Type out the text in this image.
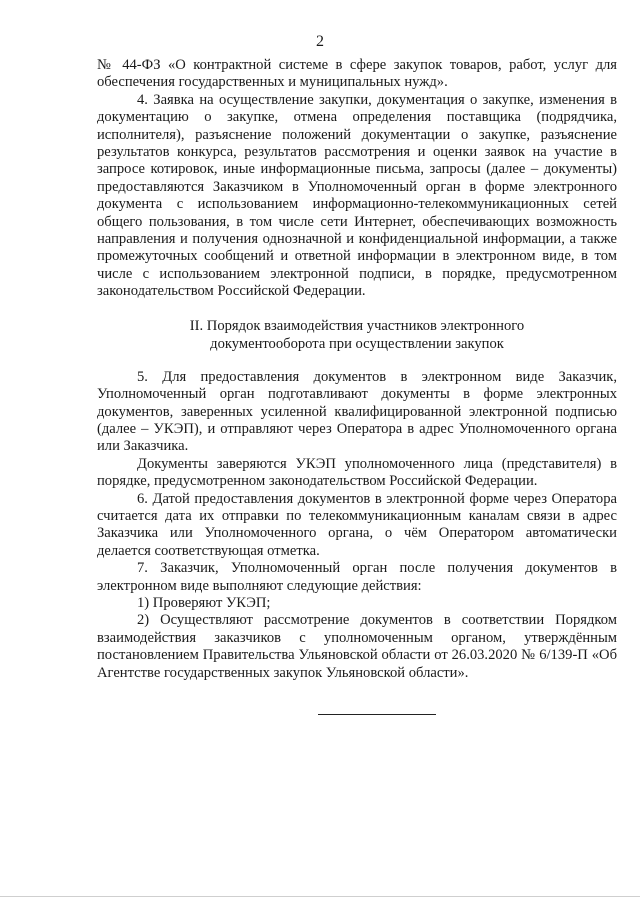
2

№ 44-ФЗ «О контрактной системе в сфере закупок товаров, работ, услуг для обеспечения государственных и муниципальных нужд».

4. Заявка на осуществление закупки, документация о закупке, изменения в документацию о закупке, отмена определения поставщика (подрядчика, исполнителя), разъяснение положений документации о закупке, разъяснение результатов конкурса, результатов рассмотрения и оценки заявок на участие в запросе котировок, иные информационные письма, запросы (далее – документы) предоставляются Заказчиком в Уполномоченный орган в форме электронного документа с использованием информационно-телекоммуникационных сетей общего пользования, в том числе сети Интернет, обеспечивающих возможность направления и получения однозначной и конфиденциальной информации, а также промежуточных сообщений и ответной информации в электронном виде, в том числе с использованием электронной подписи, в порядке, предусмотренном законодательством Российской Федерации.

II. Порядок взаимодействия участников электронного
документооборота при осуществлении закупок

5. Для предоставления документов в электронном виде Заказчик, Уполномоченный орган подготавливают документы в форме электронных документов, заверенных усиленной квалифицированной электронной подписью (далее – УКЭП), и отправляют через Оператора в адрес Уполномоченного органа или Заказчика.

Документы заверяются УКЭП уполномоченного лица (представителя) в порядке, предусмотренном законодательством Российской Федерации.

6. Датой предоставления документов в электронной форме через Оператора считается дата их отправки по телекоммуникационным каналам связи в адрес Заказчика или Уполномоченного органа, о чём Оператором автоматически делается соответствующая отметка.

7. Заказчик, Уполномоченный орган после получения документов в электронном виде выполняют следующие действия:

1) Проверяют УКЭП;

2) Осуществляют рассмотрение документов в соответствии Порядком взаимодействия заказчиков с уполномоченным органом, утверждённым постановлением Правительства Ульяновской области от 26.03.2020 № 6/139-П «Об Агентстве государственных закупок Ульяновской области».
